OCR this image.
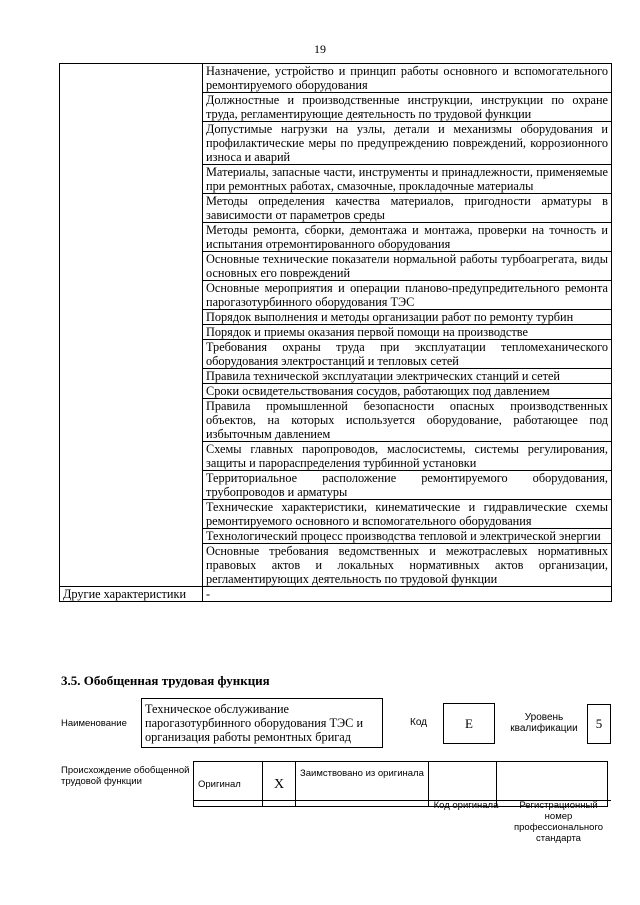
19
	Назначение, устройство и принцип работы основного и вспомогательного ремонтируемого оборудования
	Должностные и производственные инструкции, инструкции по охране труда, регламентирующие деятельность по трудовой функции
	Допустимые нагрузки на узлы, детали и механизмы оборудования и профилактические меры по предупреждению повреждений, коррозионного износа и аварий
	Материалы, запасные части, инструменты и принадлежности, применяемые при ремонтных работах, смазочные, прокладочные материалы
	Методы определения качества материалов, пригодности арматуры в зависимости от параметров среды
	Методы ремонта, сборки, демонтажа и монтажа, проверки на точность и испытания отремонтированного оборудования
	Основные технические показатели нормальной работы турбоагрегата, виды основных его повреждений
	Основные мероприятия и операции планово-предупредительного ремонта парогазотурбинного оборудования ТЭС
	Порядок выполнения и методы организации работ по ремонту турбин
	Порядок и приемы оказания первой помощи на производстве
	Требования охраны труда при эксплуатации тепломеханического оборудования электростанций и тепловых сетей
	Правила технической эксплуатации электрических станций и сетей
	Сроки освидетельствования сосудов, работающих под давлением
	Правила промышленной безопасности опасных производственных объектов, на которых используется оборудование, работающее под избыточным давлением
	Схемы главных паропроводов, маслосистемы, системы регулирования, защиты и парораспределения турбинной установки
	Территориальное расположение ремонтируемого оборудования, трубопроводов и арматуры
	Технические характеристики, кинематические и гидравлические схемы ремонтируемого основного и вспомогательного оборудования
	Технологический процесс производства тепловой и электрической энергии
	Основные требования ведомственных и межотраслевых нормативных правовых актов и локальных нормативных актов организации, регламентирующих деятельность по трудовой функции
Другие характеристики	-
3.5. Обобщенная трудовая функция
Наименование
Техническое обслуживание парогазотурбинного оборудования ТЭС и организация работы ремонтных бригад
Код	E	Уровень квалификации	5
Происхождение обобщенной трудовой функции	Оригинал	X	Заимствовано из оригинала		
Код оригинала	Регистрационный номер профессионального стандарта
